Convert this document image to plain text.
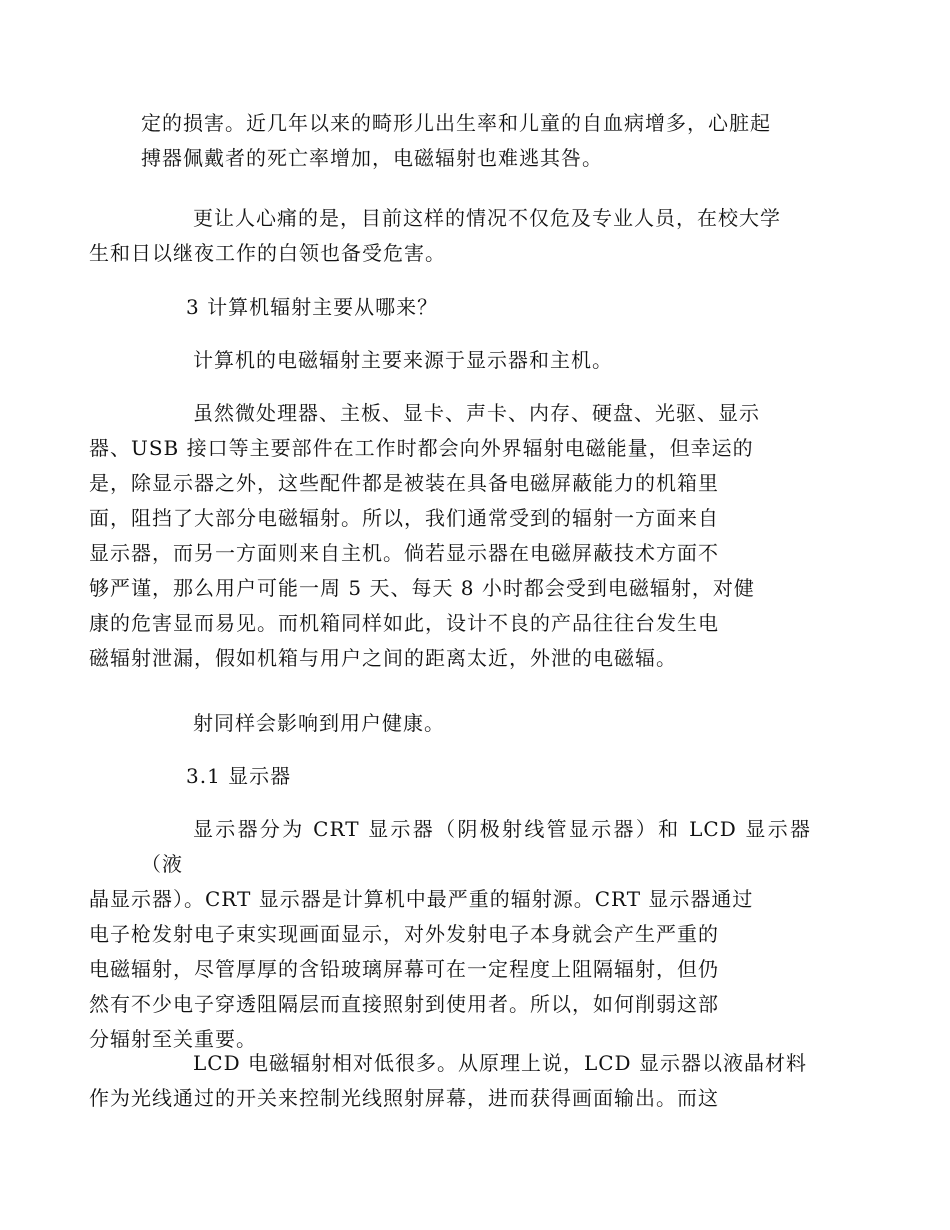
定的损害。近几年以来的畸形儿出生率和儿童的自血病增多，心脏起
搏器佩戴者的死亡率增加，电磁辐射也难逃其咎。

更让人心痛的是，目前这样的情况不仅危及专业人员，在校大学
生和日以继夜工作的白领也备受危害。

3 计算机辐射主要从哪来？

计算机的电磁辐射主要来源于显示器和主机。

虽然微处理器、主板、显卡、声卡、内存、硬盘、光驱、显示
器、USB 接口等主要部件在工作时都会向外界辐射电磁能量，但幸运的
是，除显示器之外，这些配件都是被装在具备电磁屏蔽能力的机箱里
面，阻挡了大部分电磁辐射。所以，我们通常受到的辐射一方面来自
显示器，而另一方面则来自主机。倘若显示器在电磁屏蔽技术方面不
够严谨，那么用户可能一周 5 天、每天 8 小时都会受到电磁辐射，对健
康的危害显而易见。而机箱同样如此，设计不良的产品往往台发生电
磁辐射泄漏，假如机箱与用户之间的距离太近，外泄的电磁辐。

射同样会影响到用户健康。

3.1 显示器

显示器分为 CRT 显示器（阴极射线管显示器）和 LCD 显示器（液
晶显示器）。CRT 显示器是计算机中最严重的辐射源。CRT 显示器通过
电子枪发射电子束实现画面显示，对外发射电子本身就会产生严重的
电磁辐射，尽管厚厚的含铅玻璃屏幕可在一定程度上阻隔辐射，但仍
然有不少电子穿透阻隔层而直接照射到使用者。所以，如何削弱这部
分辐射至关重要。

LCD 电磁辐射相对低很多。从原理上说，LCD 显示器以液晶材料
作为光线通过的开关来控制光线照射屏幕，进而获得画面输出。而这
